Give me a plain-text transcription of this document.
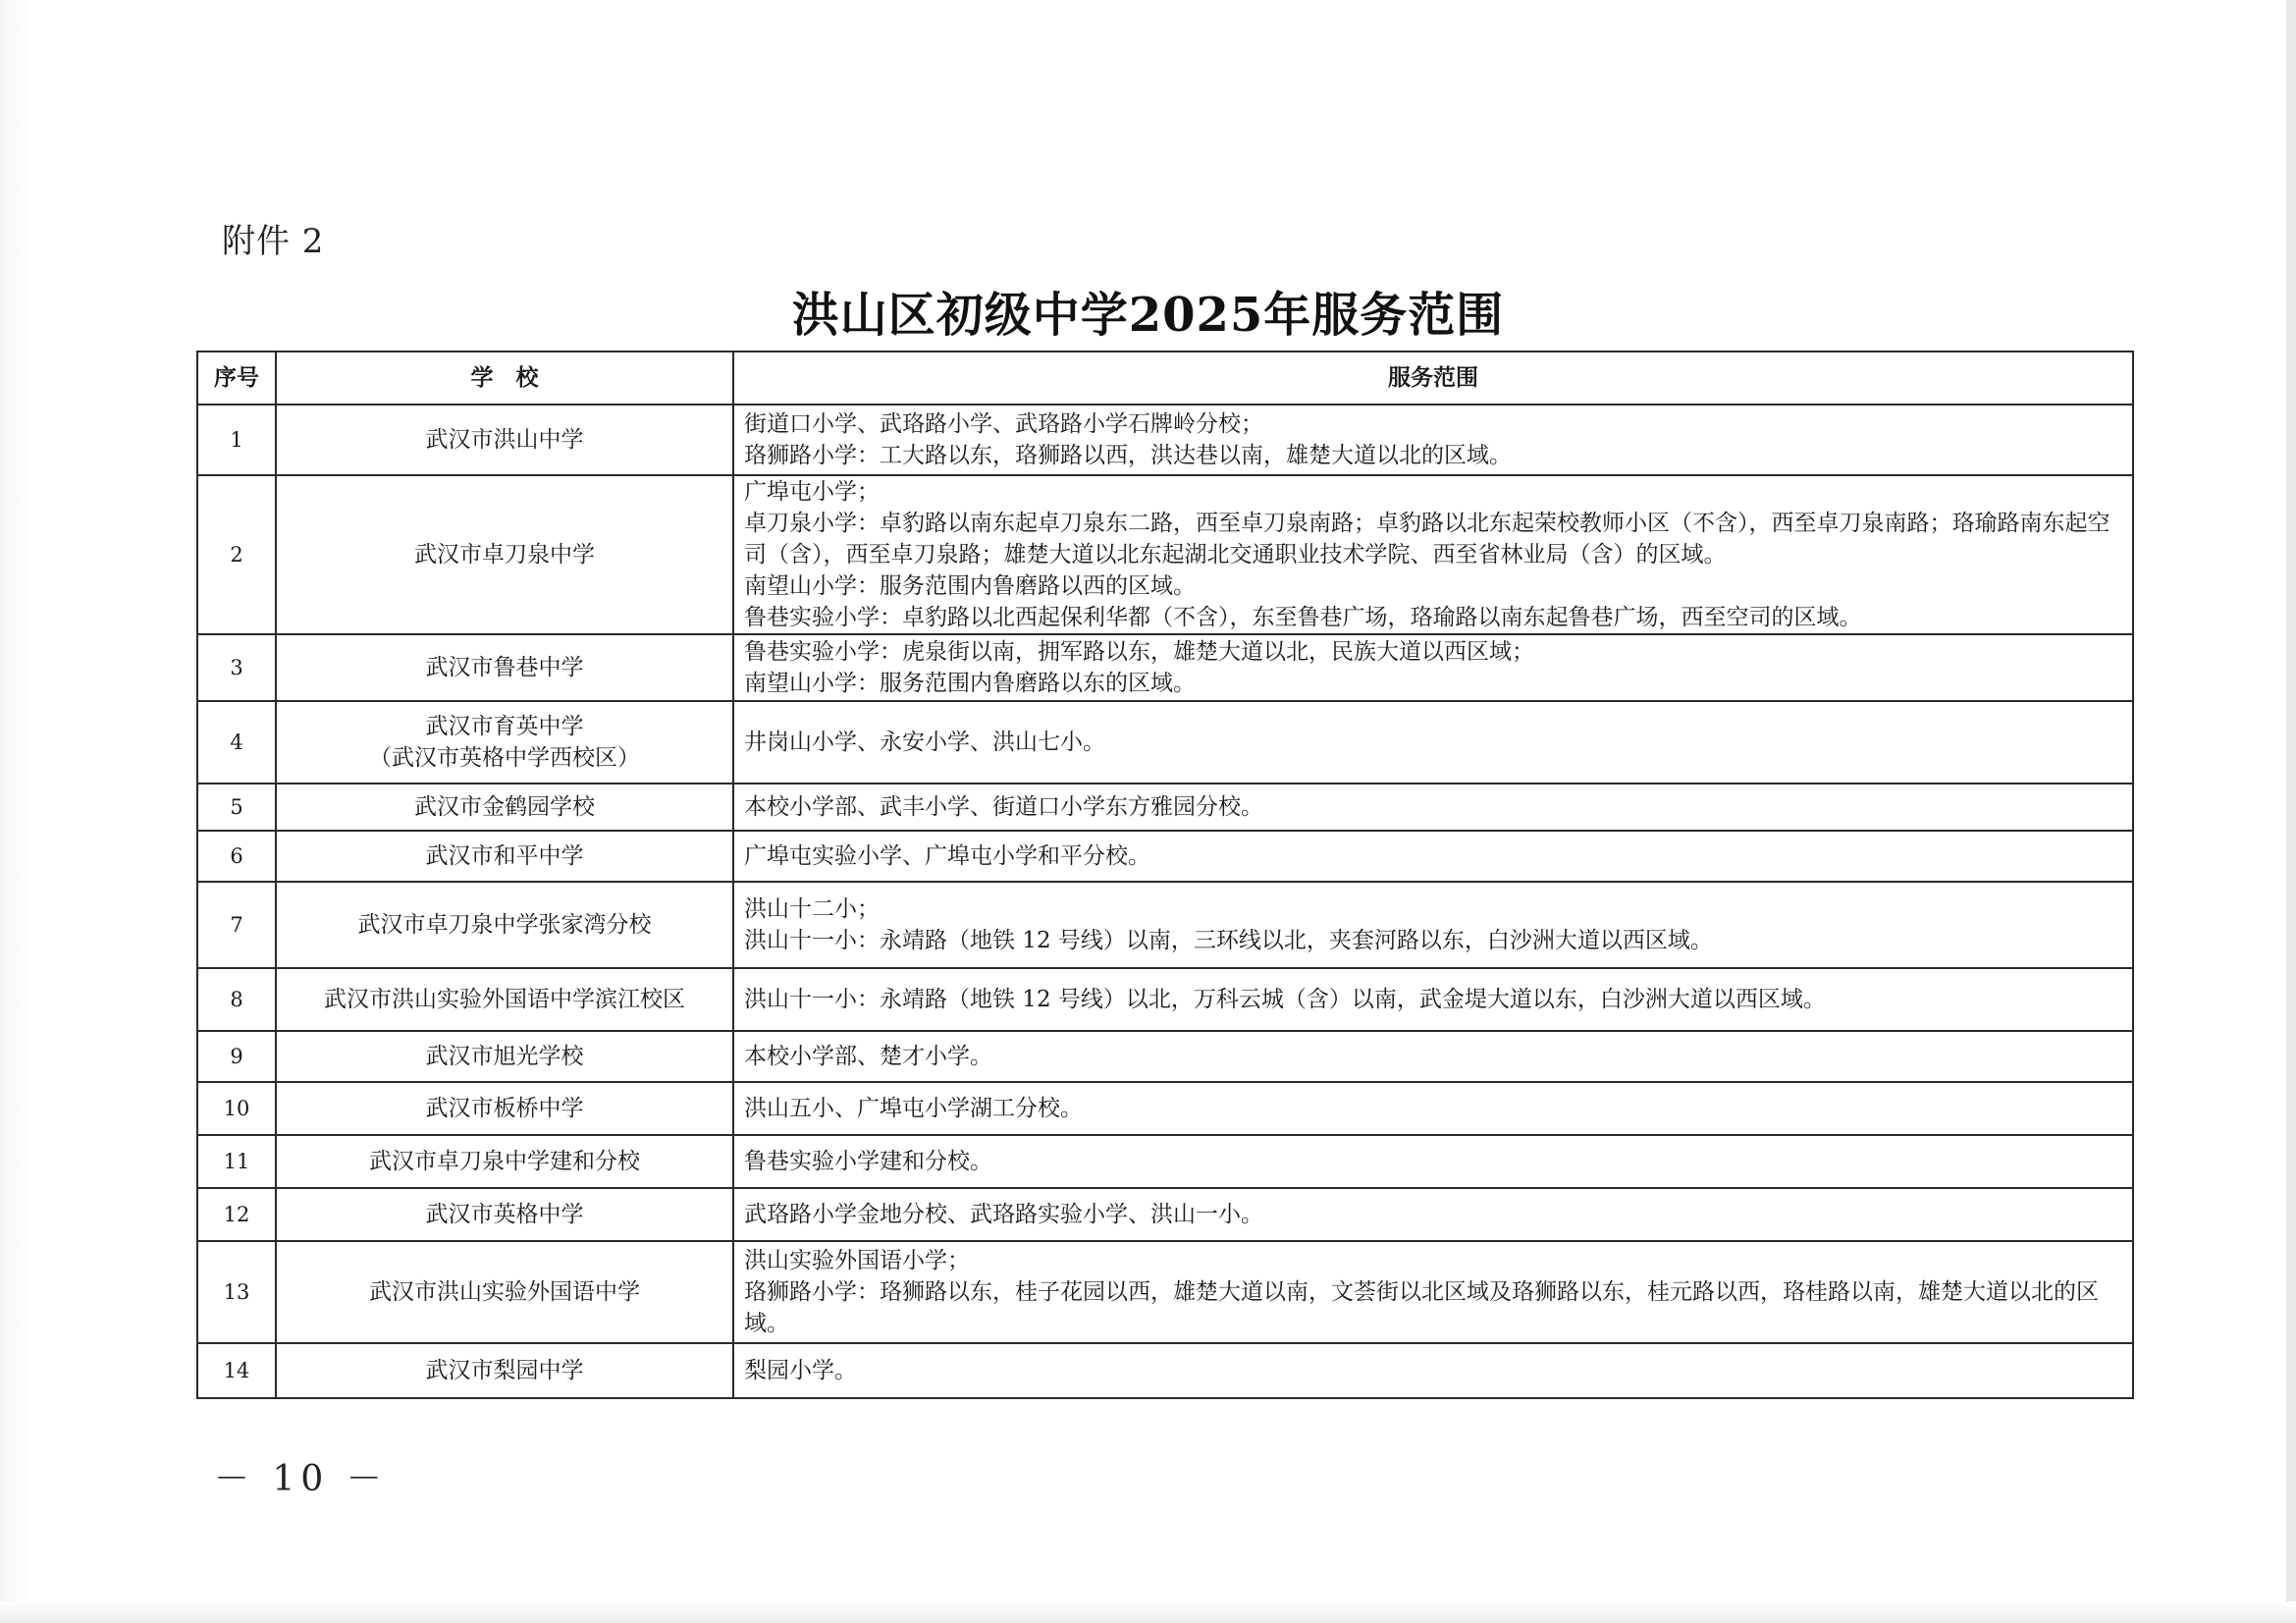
附件 2
洪山区初级中学2025年服务范围
序号	学　校	服务范围
1	武汉市洪山中学	街道口小学、武珞路小学、武珞路小学石牌岭分校；
珞狮路小学：工大路以东，珞狮路以西，洪达巷以南，雄楚大道以北的区域。

2	武汉市卓刀泉中学	广埠屯小学；
卓刀泉小学：卓豹路以南东起卓刀泉东二路，西至卓刀泉南路；卓豹路以北东起荣校教师小区（不含），西至卓刀泉南路；珞瑜路南东起空司（含），西至卓刀泉路；雄楚大道以北东起湖北交通职业技术学院、西至省林业局（含）的区域。
南望山小学：服务范围内鲁磨路以西的区域。
鲁巷实验小学：卓豹路以北西起保利华都（不含），东至鲁巷广场，珞瑜路以南东起鲁巷广场，西至空司的区域。

3	武汉市鲁巷中学	鲁巷实验小学：虎泉街以南，拥军路以东，雄楚大道以北，民族大道以西区域；
南望山小学：服务范围内鲁磨路以东的区域。

4	武汉市育英中学
（武汉市英格中学西校区）	井岗山小学、永安小学、洪山七小。

5	武汉市金鹤园学校	本校小学部、武丰小学、街道口小学东方雅园分校。

6	武汉市和平中学	广埠屯实验小学、广埠屯小学和平分校。

7	武汉市卓刀泉中学张家湾分校	洪山十二小；
洪山十一小：永靖路（地铁 12 号线）以南，三环线以北，夹套河路以东，白沙洲大道以西区域。

8	武汉市洪山实验外国语中学滨江校区	洪山十一小：永靖路（地铁 12 号线）以北，万科云城（含）以南，武金堤大道以东，白沙洲大道以西区域。

9	武汉市旭光学校	本校小学部、楚才小学。

10	武汉市板桥中学	洪山五小、广埠屯小学湖工分校。

11	武汉市卓刀泉中学建和分校	鲁巷实验小学建和分校。

12	武汉市英格中学	武珞路小学金地分校、武珞路实验小学、洪山一小。

13	武汉市洪山实验外国语中学	洪山实验外国语小学；
珞狮路小学：珞狮路以东，桂子花园以西，雄楚大道以南，文荟街以北区域及珞狮路以东，桂元路以西，珞桂路以南，雄楚大道以北的区域。

14	武汉市梨园中学	梨园小学。
－ 10 －
